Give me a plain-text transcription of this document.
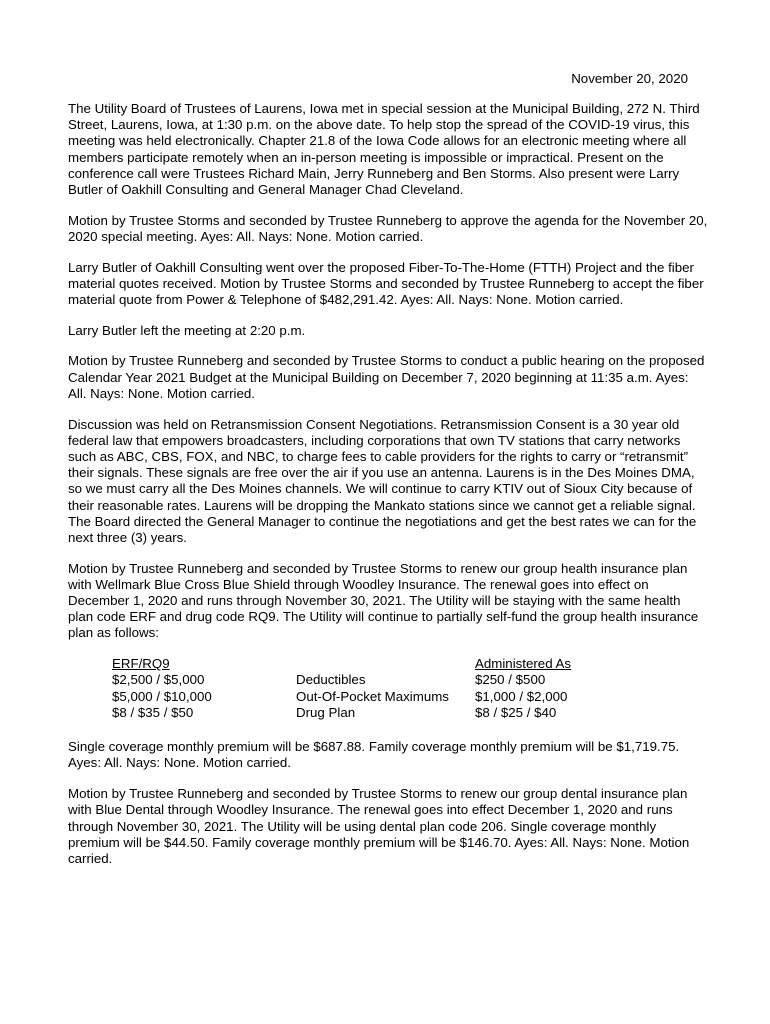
November 20, 2020

The Utility Board of Trustees of Laurens, Iowa met in special session at the Municipal Building, 272 N. Third Street, Laurens, Iowa, at 1:30 p.m. on the above date. To help stop the spread of the COVID-19 virus, this meeting was held electronically. Chapter 21.8 of the Iowa Code allows for an electronic meeting where all members participate remotely when an in-person meeting is impossible or impractical. Present on the conference call were Trustees Richard Main, Jerry Runneberg and Ben Storms. Also present were Larry Butler of Oakhill Consulting and General Manager Chad Cleveland.

Motion by Trustee Storms and seconded by Trustee Runneberg to approve the agenda for the November 20, 2020 special meeting. Ayes: All. Nays: None. Motion carried.

Larry Butler of Oakhill Consulting went over the proposed Fiber-To-The-Home (FTTH) Project and the fiber material quotes received. Motion by Trustee Storms and seconded by Trustee Runneberg to accept the fiber material quote from Power & Telephone of $482,291.42. Ayes: All. Nays: None. Motion carried.

Larry Butler left the meeting at 2:20 p.m.

Motion by Trustee Runneberg and seconded by Trustee Storms to conduct a public hearing on the proposed Calendar Year 2021 Budget at the Municipal Building on December 7, 2020 beginning at 11:35 a.m. Ayes: All. Nays: None. Motion carried.

Discussion was held on Retransmission Consent Negotiations. Retransmission Consent is a 30 year old federal law that empowers broadcasters, including corporations that own TV stations that carry networks such as ABC, CBS, FOX, and NBC, to charge fees to cable providers for the rights to carry or “retransmit” their signals. These signals are free over the air if you use an antenna. Laurens is in the Des Moines DMA, so we must carry all the Des Moines channels. We will continue to carry KTIV out of Sioux City because of their reasonable rates. Laurens will be dropping the Mankato stations since we cannot get a reliable signal. The Board directed the General Manager to continue the negotiations and get the best rates we can for the next three (3) years.

Motion by Trustee Runneberg and seconded by Trustee Storms to renew our group health insurance plan with Wellmark Blue Cross Blue Shield through Woodley Insurance. The renewal goes into effect on December 1, 2020 and runs through November 30, 2021. The Utility will be staying with the same health plan code ERF and drug code RQ9. The Utility will continue to partially self-fund the group health insurance plan as follows:

ERF/RQ9
$2,500 / $5,000
$5,000 / $10,000
$8 / $35 / $50
Deductibles
Out-Of-Pocket Maximums
Drug Plan
Administered As
$250 / $500
$1,000 / $2,000
$8 / $25 / $40

Single coverage monthly premium will be $687.88. Family coverage monthly premium will be $1,719.75. Ayes: All. Nays: None. Motion carried.

Motion by Trustee Runneberg and seconded by Trustee Storms to renew our group dental insurance plan with Blue Dental through Woodley Insurance. The renewal goes into effect December 1, 2020 and runs through November 30, 2021. The Utility will be using dental plan code 206. Single coverage monthly premium will be $44.50. Family coverage monthly premium will be $146.70. Ayes: All. Nays: None. Motion carried.
